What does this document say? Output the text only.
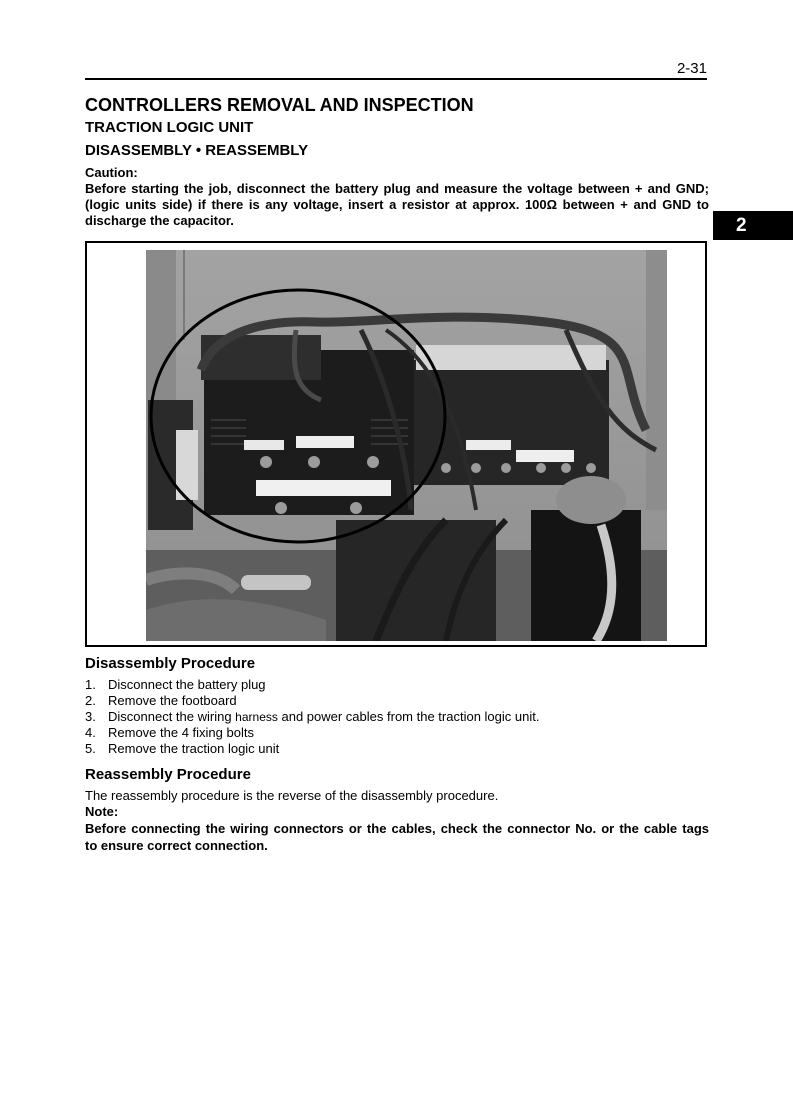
2-31
CONTROLLERS REMOVAL AND INSPECTION
TRACTION LOGIC UNIT
DISASSEMBLY • REASSEMBLY
Caution:
Before starting the job, disconnect the battery plug and measure the voltage between + and GND;
(logic units side) if there is any voltage, insert a resistor at approx. 100Ω between + and GND to
discharge the capacitor.	2
Disassembly Procedure
1. Disconnect the battery plug
2. Remove the footboard
3. Disconnect the wiring harness and power cables from the traction logic unit.
4. Remove the 4 fixing bolts
5. Remove the traction logic unit
Reassembly Procedure
The reassembly procedure is the reverse of the disassembly procedure.
Note:
Before connecting the wiring connectors or the cables, check the connector No. or the cable tags
to ensure correct connection.
